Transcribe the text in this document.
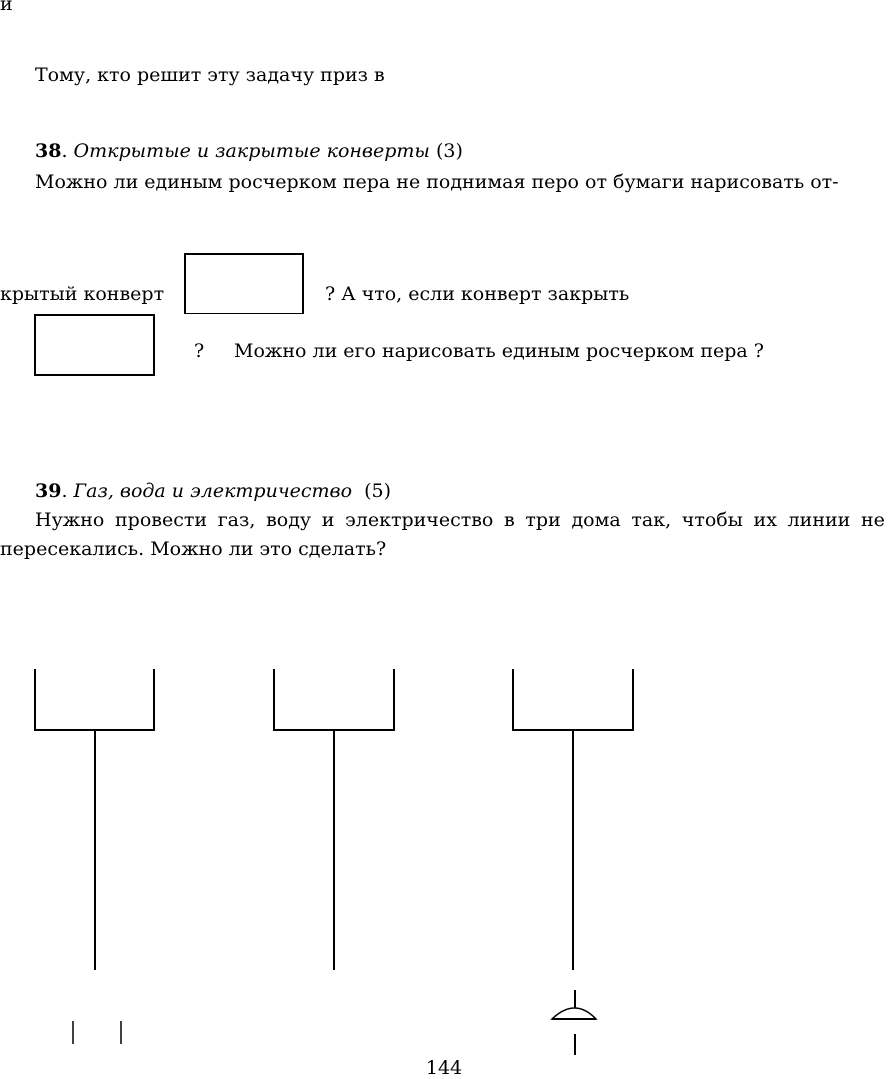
и
Тому, кто решит эту задачу приз в
38. Открытые и закрытые конверты (3)
Можно ли единым росчерком пера не поднимая перо от бумаги нарисовать от-
крытый конверт	? А что, если конверт закрыть
? Можно ли его нарисовать единым росчерком пера ?
39. Газ, вода и электричество (5)
Нужно провести газ, воду и электричество в три дома так, чтобы их линии не
пересекались. Можно ли это сделать?
144
